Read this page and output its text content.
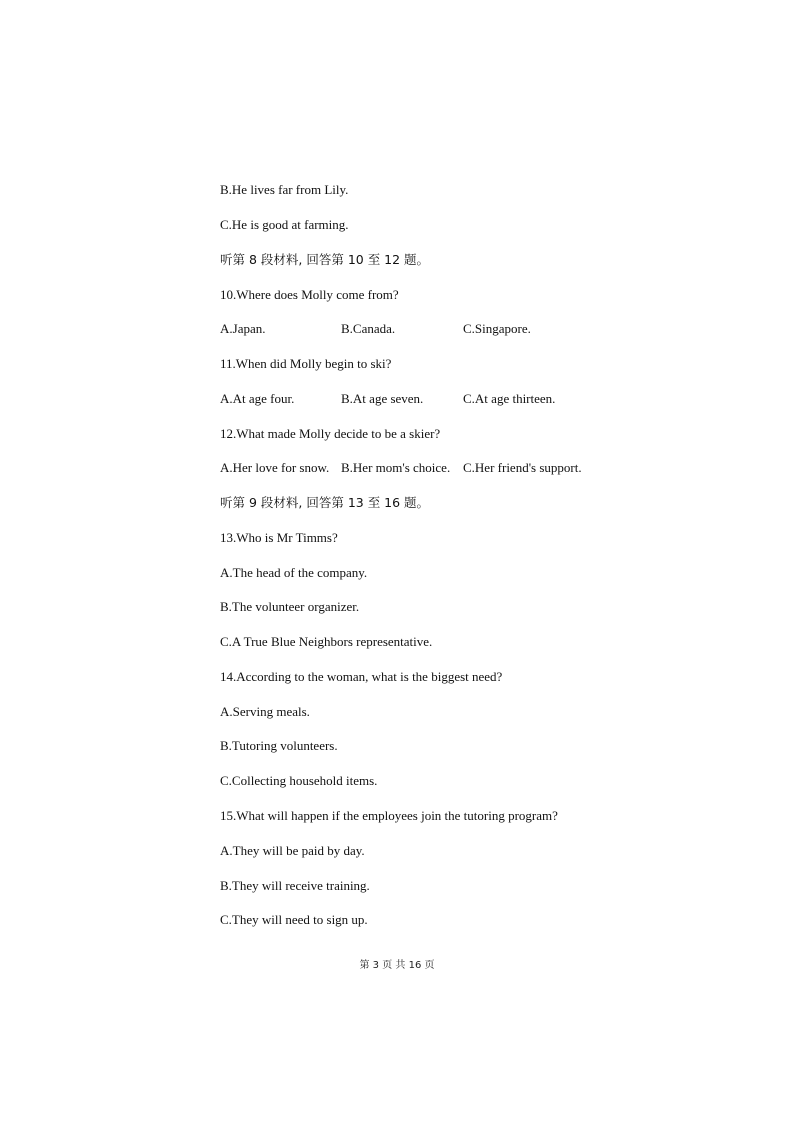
B.He lives far from Lily.
C.He is good at farming.
听第 8 段材料, 回答第 10 至 12 题。
10.Where does Molly come from?
A.Japan.	B.Canada.	C.Singapore.
11.When did Molly begin to ski?
A.At age four.	B.At age seven.	C.At age thirteen.
12.What made Molly decide to be a skier?
A.Her love for snow. B.Her mom's choice. C.Her friend's support.
听第 9 段材料, 回答第 13 至 16 题。
13.Who is Mr Timms?
A.The head of the company.
B.The volunteer organizer.
C.A True Blue Neighbors representative.
14.According to the woman, what is the biggest need?
A.Serving meals.
B.Tutoring volunteers.
C.Collecting household items.
15.What will happen if the employees join the tutoring program?
A.They will be paid by day.
B.They will receive training.
C.They will need to sign up.
第 3 页 共 16 页
